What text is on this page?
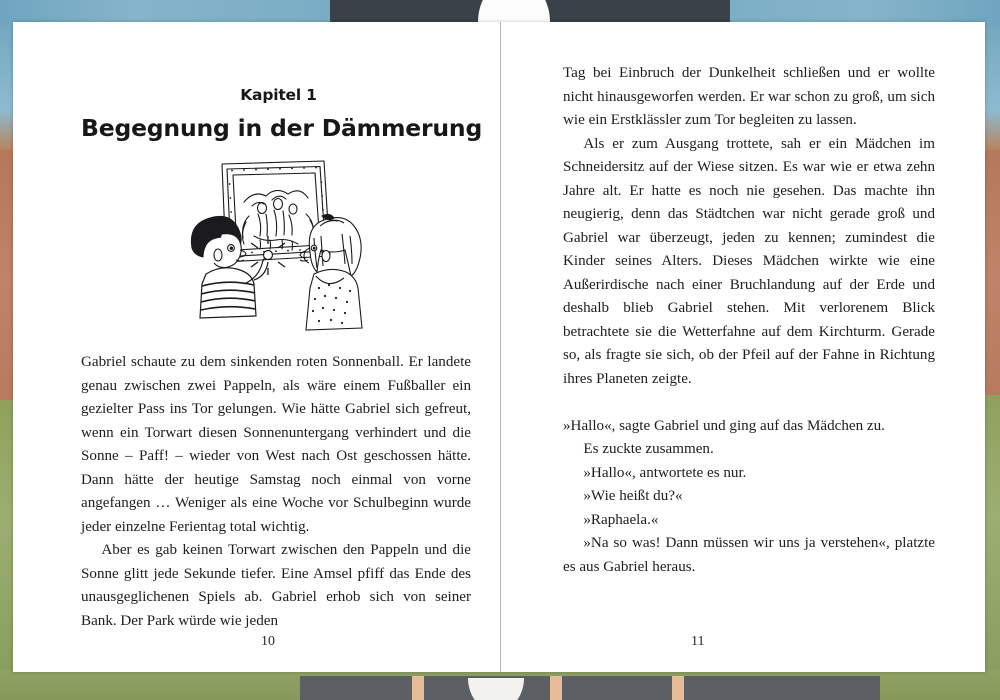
Kapitel 1
Begegnung in der Dämmerung

Gabriel schaute zu dem sinkenden roten Sonnenball. Er landete genau zwischen zwei Pappeln, als wäre einem Fußballer ein gezielter Pass ins Tor gelungen. Wie hätte Gabriel sich gefreut, wenn ein Torwart diesen Sonnenuntergang verhindert und die Sonne – Paff! – wieder von West nach Ost geschossen hätte. Dann hätte der heutige Samstag noch einmal von vorne angefangen … Weniger als eine Woche vor Schulbeginn wurde jeder einzelne Ferientag total wichtig.

Aber es gab keinen Torwart zwischen den Pappeln und die Sonne glitt jede Sekunde tiefer. Eine Amsel pfiff das Ende des unausgeglichenen Spiels ab. Gabriel erhob sich von seiner Bank. Der Park würde wie jeden

10

Tag bei Einbruch der Dunkelheit schließen und er wollte nicht hinausgeworfen werden. Er war schon zu groß, um sich wie ein Erstklässler zum Tor begleiten zu lassen.

Als er zum Ausgang trottete, sah er ein Mädchen im Schneidersitz auf der Wiese sitzen. Es war wie er etwa zehn Jahre alt. Er hatte es noch nie gesehen. Das machte ihn neugierig, denn das Städtchen war nicht gerade groß und Gabriel war überzeugt, jeden zu kennen; zumindest die Kinder seines Alters. Dieses Mädchen wirkte wie eine Außerirdische nach einer Bruchlandung auf der Erde und deshalb blieb Gabriel stehen. Mit verlorenem Blick betrachtete sie die Wetterfahne auf dem Kirchturm. Gerade so, als fragte sie sich, ob der Pfeil auf der Fahne in Richtung ihres Planeten zeigte.

»Hallo«, sagte Gabriel und ging auf das Mädchen zu.

Es zuckte zusammen.

»Hallo«, antwortete es nur.

»Wie heißt du?«

»Raphaela.«

»Na so was! Dann müssen wir uns ja verstehen«, platzte es aus Gabriel heraus.

11
